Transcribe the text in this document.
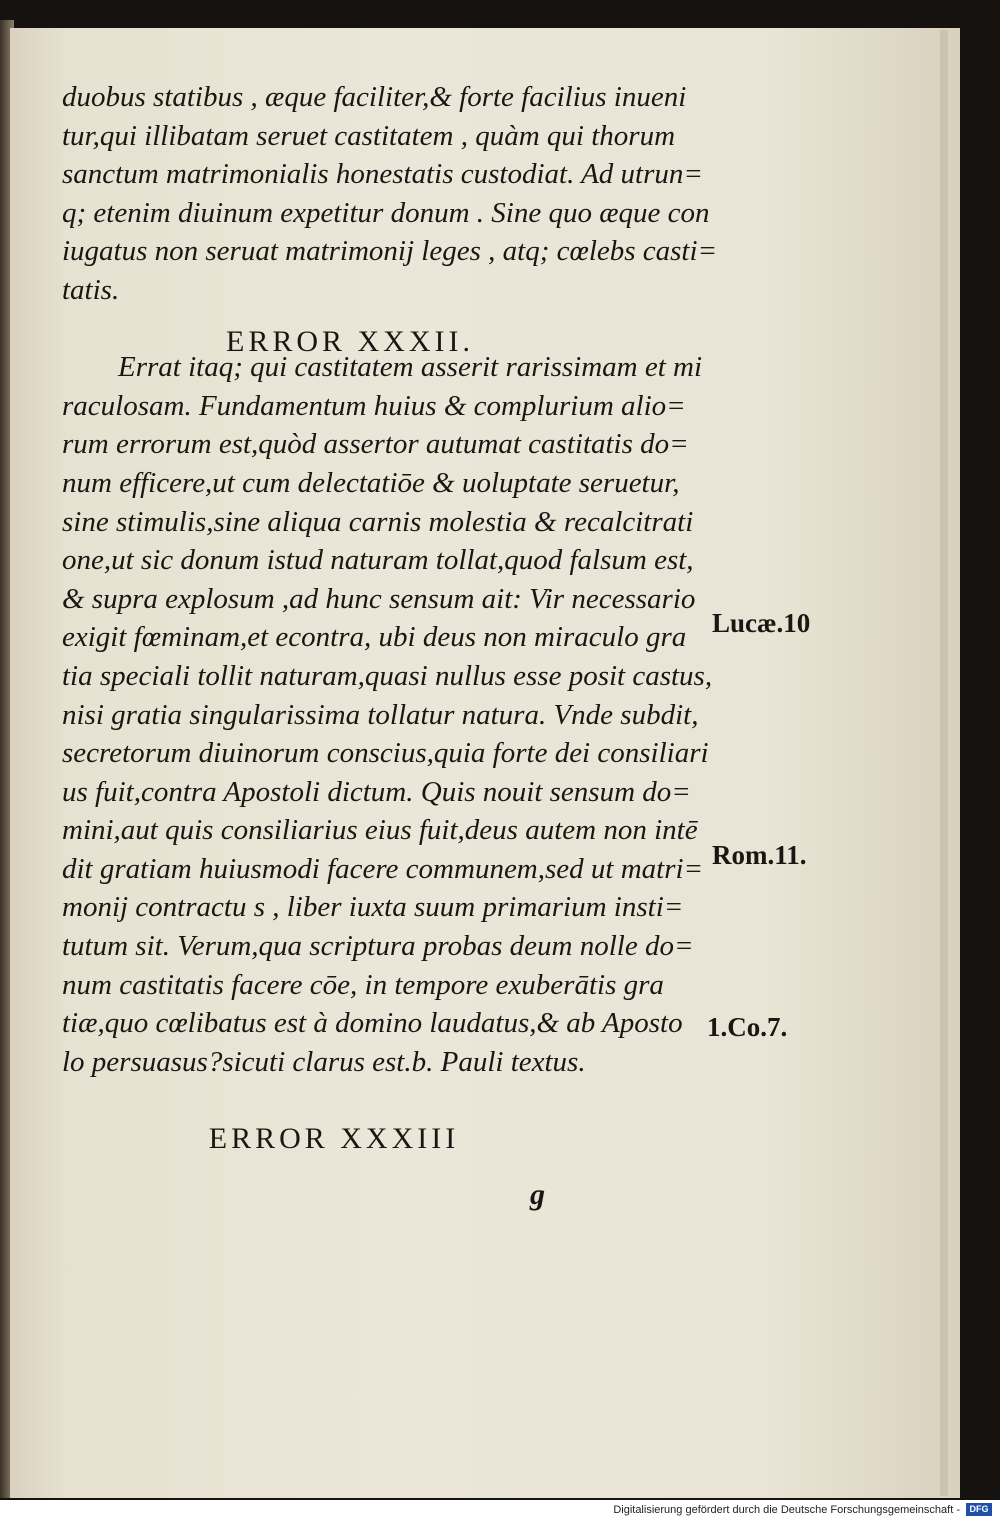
duobus statibus , æque faciliter,& forte facilius inueni
tur,qui illibatam seruet castitatem , quàm qui thorum
sanctum matrimonialis honestatis custodiat. Ad utrun=
q; etenim diuinum expetitur donum . Sine quo æque con
iugatus non seruat matrimonij leges , atq; cœlebs casti=
tatis.
Errat itaq; qui castitatem asserit rarissimam et mi
raculosam. Fundamentum huius & complurium alio=
rum errorum est,quòd assertor autumat castitatis do=
num efficere,ut cum delectatiōe & uoluptate seruetur,
sine stimulis,sine aliqua carnis molestia & recalcitrati
one,ut sic donum istud naturam tollat,quod falsum est,
& supra explosum ,ad hunc sensum ait: Vir necessario
exigit fœminam,et econtra, ubi deus non miraculo gra
tia speciali tollit naturam,quasi nullus esse posit castus,
nisi gratia singularissima tollatur natura. Vnde subdit,
secretorum diuinorum conscius,quia forte dei consiliari
us fuit,contra Apostoli dictum. Quis nouit sensum do=
mini,aut quis consiliarius eius fuit,deus autem non intē
dit gratiam huiusmodi facere communem,sed ut matri=
monij contractu s , liber iuxta suum primarium insti=
tutum sit. Verum,qua scriptura probas deum nolle do=
num castitatis facere cōe, in tempore exuberātis gra
tiæ,quo cœlibatus est à domino laudatus,& ab Aposto
lo persuasus?sicuti clarus est.b. Pauli textus.
ERROR XXXII.
ERROR XXXIII
Lucæ.10
Rom.11.
1.Co.7.
g
Digitalisierung gefördert durch die Deutsche Forschungsgemeinschaft -	DFG
